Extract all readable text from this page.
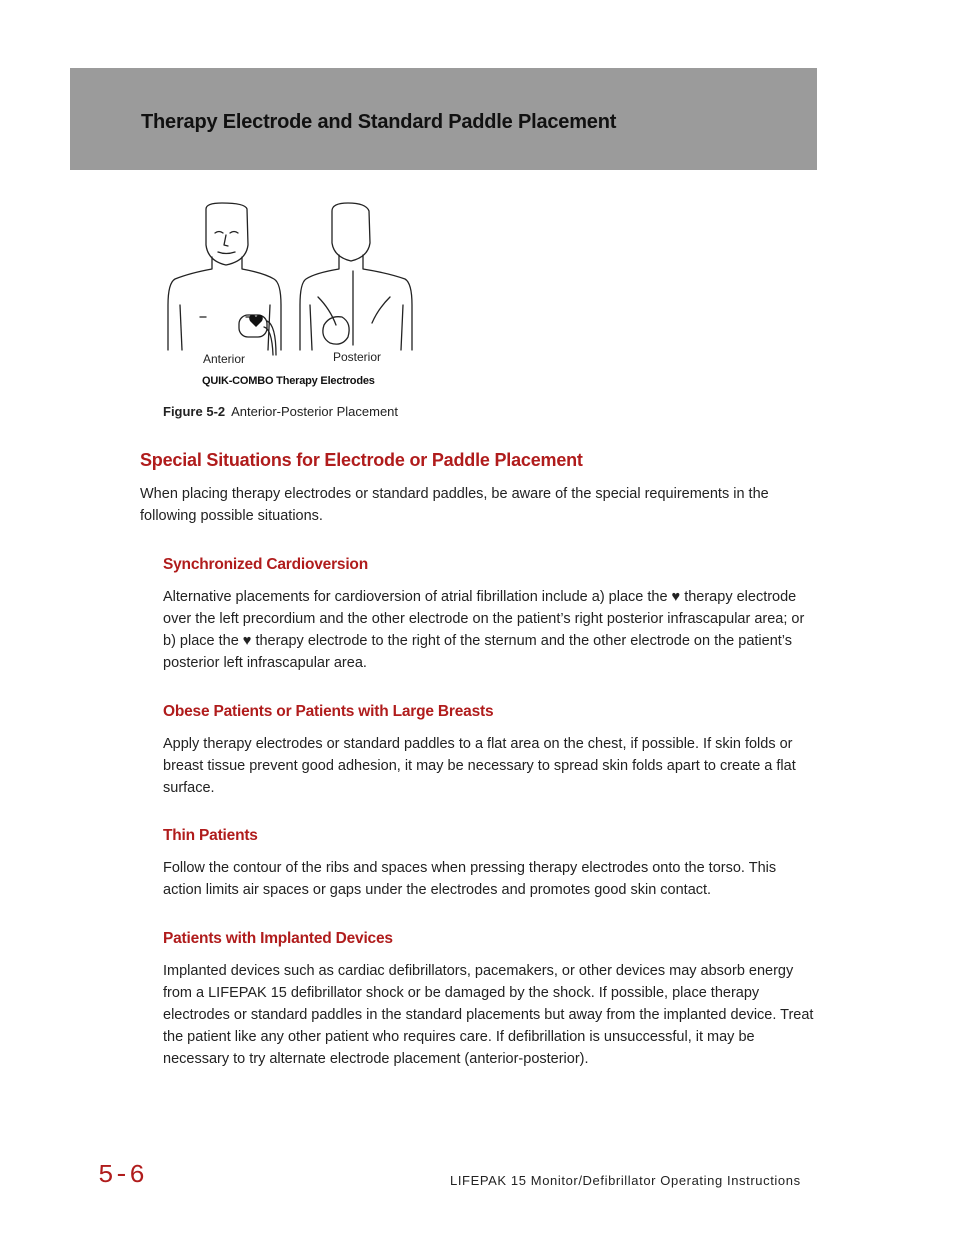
Therapy Electrode and Standard Paddle Placement
Anterior	Posterior
QUIK-COMBO Therapy Electrodes
Figure 5-2 Anterior-Posterior Placement
Special Situations for Electrode or Paddle Placement

When placing therapy electrodes or standard paddles, be aware of the special requirements in the following possible situations.

Synchronized Cardioversion

Alternative placements for cardioversion of atrial fibrillation include a) place the ♥ therapy electrode over the left precordium and the other electrode on the patient’s right posterior infrascapular area; or b) place the ♥ therapy electrode to the right of the sternum and the other electrode on the patient’s posterior left infrascapular area.

Obese Patients or Patients with Large Breasts

Apply therapy electrodes or standard paddles to a flat area on the chest, if possible. If skin folds or breast tissue prevent good adhesion, it may be necessary to spread skin folds apart to create a flat surface.

Thin Patients

Follow the contour of the ribs and spaces when pressing therapy electrodes onto the torso. This action limits air spaces or gaps under the electrodes and promotes good skin contact.

Patients with Implanted Devices

Implanted devices such as cardiac defibrillators, pacemakers, or other devices may absorb energy from a LIFEPAK 15 defibrillator shock or be damaged by the shock. If possible, place therapy electrodes or standard paddles in the standard placements but away from the implanted device. Treat the patient like any other patient who requires care. If defibrillation is unsuccessful, it may be necessary to try alternate electrode placement (anterior-posterior).

5-6	LIFEPAK 15 Monitor/Defibrillator Operating Instructions
